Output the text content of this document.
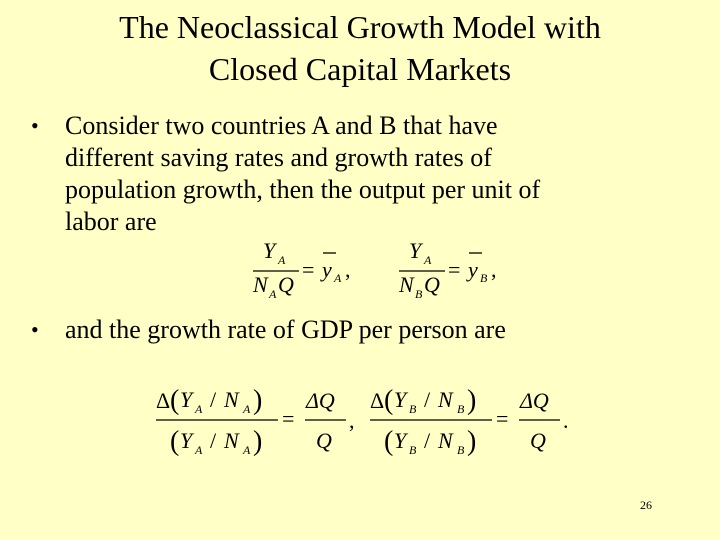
The Neoclassical Growth Model with
Closed Capital Markets
• Consider two countries A and B that have
different saving rates and growth rates of
population growth, then the output per unit of
labor are
Y A
N A Q
= y A ,
Y A
N B Q
= y B ,
• and the growth rate of GDP per person are
Δ ( Y A / N A )
( Y A / N A )
=
ΔQ
Q
,
Δ ( Y B / N B )
( Y B / N B )
=
ΔQ
Q
.
26
